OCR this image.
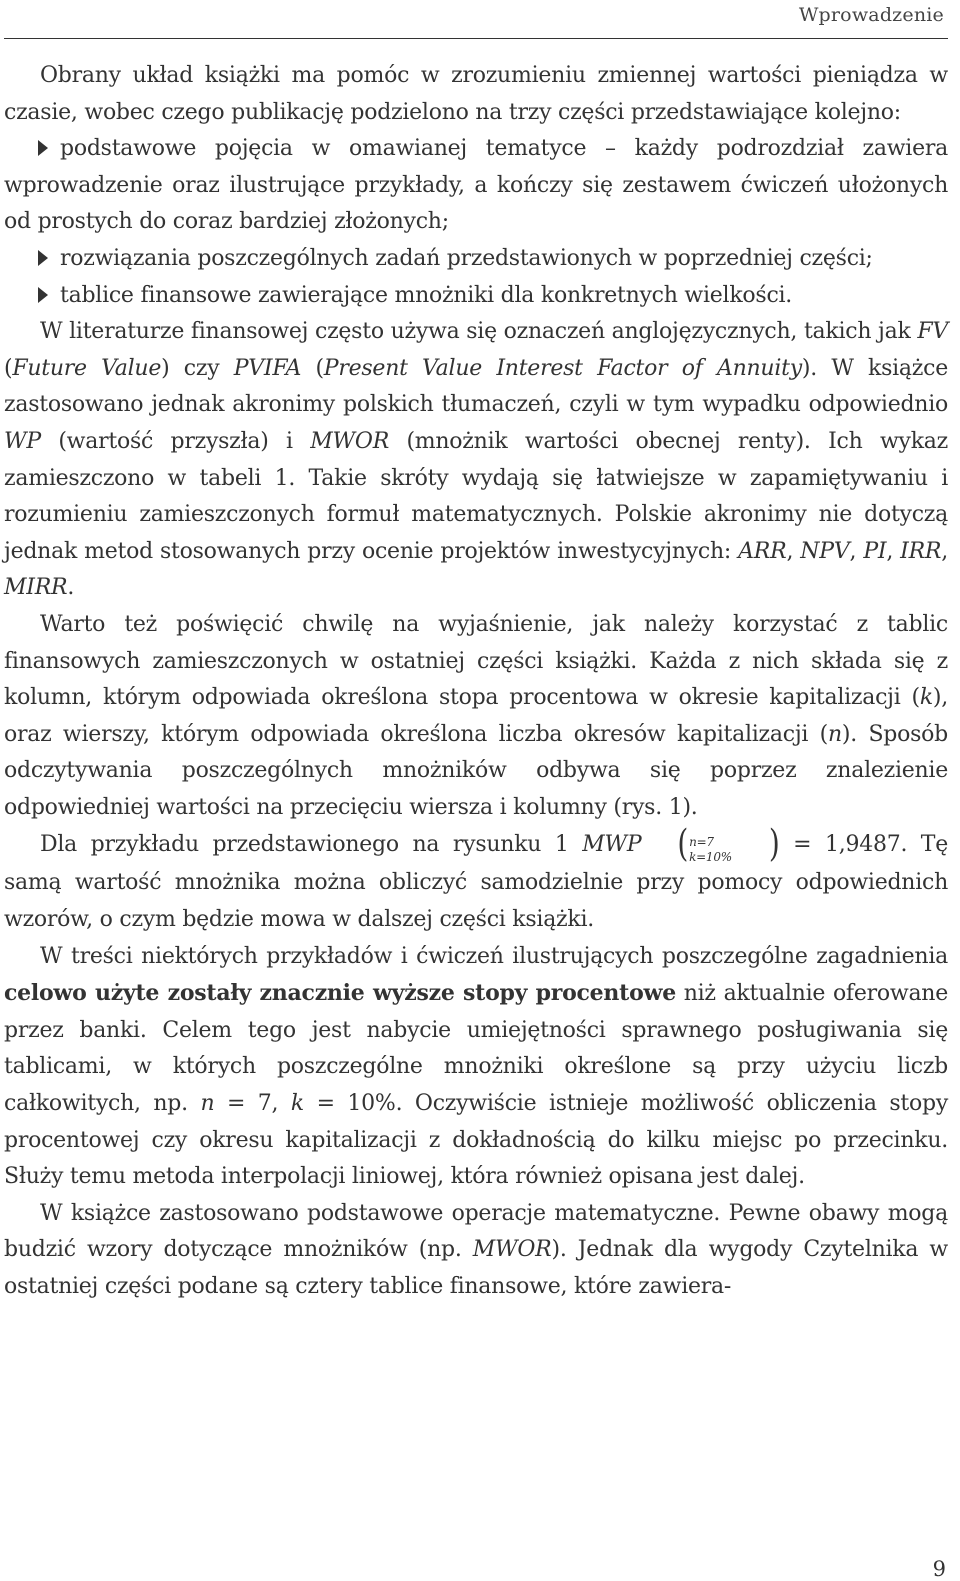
Wprowadzenie

Obrany układ książki ma pomóc w zrozumieniu zmiennej wartości pieniądza w czasie, wobec czego publikację podzielono na trzy części przedstawiające kolejno:

podstawowe pojęcia w omawianej tematyce – każdy podrozdział zawiera wprowadzenie oraz ilustrujące przykłady, a kończy się zestawem ćwiczeń ułożonych od prostych do coraz bardziej złożonych;

rozwiązania poszczególnych zadań przedstawionych w poprzedniej części;

tablice finansowe zawierające mnożniki dla konkretnych wielkości.

W literaturze finansowej często używa się oznaczeń anglojęzycznych, takich jak FV (Future Value) czy PVIFA (Present Value Interest Factor of Annuity). W książce zastosowano jednak akronimy polskich tłumaczeń, czyli w tym wypadku odpowiednio WP (wartość przyszła) i MWOR (mnożnik wartości obecnej renty). Ich wykaz zamieszczono w tabeli 1. Takie skróty wydają się łatwiejsze w zapamiętywaniu i rozumieniu zamieszczonych formuł matematycznych. Polskie akronimy nie dotyczą jednak metod stosowanych przy ocenie projektów inwestycyjnych: ARR, NPV, PI, IRR, MIRR.

Warto też poświęcić chwilę na wyjaśnienie, jak należy korzystać z tablic finansowych zamieszczonych w ostatniej części książki. Każda z nich składa się z kolumn, którym odpowiada określona stopa procentowa w okresie kapitalizacji (k), oraz wierszy, którym odpowiada określona liczba okresów kapitalizacji (n). Sposób odczytywania poszczególnych mnożników odbywa się poprzez znalezienie odpowiedniej wartości na przecięciu wiersza i kolumny (rys. 1).

Dla przykładu przedstawionego na rysunku 1 MWP ( n=7
k=10% ) = 1,9487. Tę samą wartość mnożnika można obliczyć samodzielnie przy pomocy odpowiednich wzorów, o czym będzie mowa w dalszej części książki.

W treści niektórych przykładów i ćwiczeń ilustrujących poszczególne zagadnienia celowo użyte zostały znacznie wyższe stopy procentowe niż aktualnie oferowane przez banki. Celem tego jest nabycie umiejętności sprawnego posługiwania się tablicami, w których poszczególne mnożniki określone są przy użyciu liczb całkowitych, np. n = 7, k = 10%. Oczywiście istnieje możliwość obliczenia stopy procentowej czy okresu kapitalizacji z dokładnością do kilku miejsc po przecinku. Służy temu metoda interpolacji liniowej, która również opisana jest dalej.

W książce zastosowano podstawowe operacje matematyczne. Pewne obawy mogą budzić wzory dotyczące mnożników (np. MWOR). Jednak dla wygody Czytelnika w ostatniej części podane są cztery tablice finansowe, które zawiera-

9
